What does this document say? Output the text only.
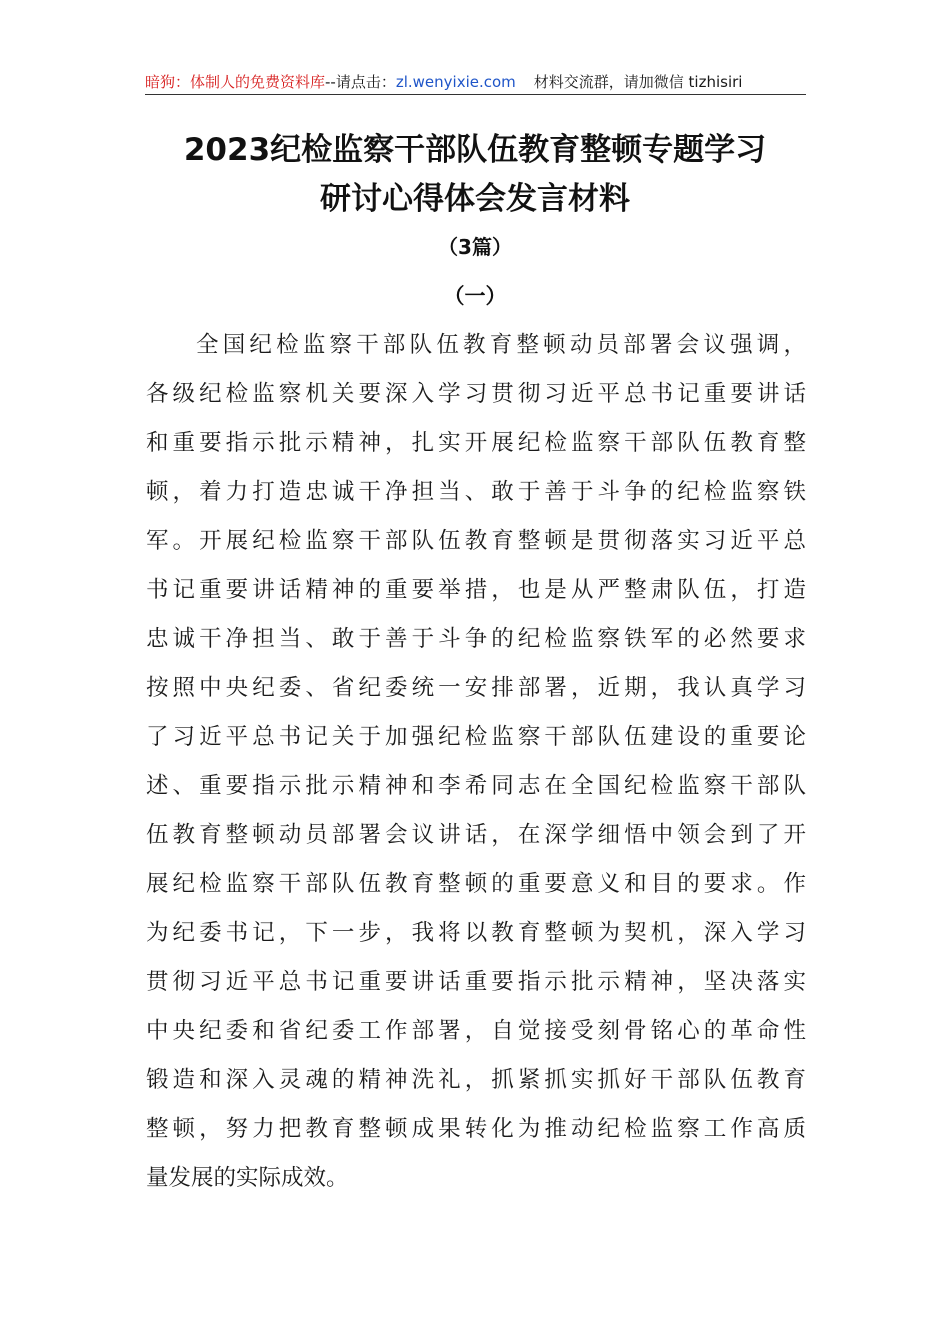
暗狗：体制人的免费资料库--请点击：zl.wenyixie.com 材料交流群，请加微信 tizhisiri
2023纪检监察干部队伍教育整顿专题学习
研讨心得体会发言材料
（3篇）
（一）
全国纪检监察干部队伍教育整顿动员部署会议强调，
各级纪检监察机关要深入学习贯彻习近平总书记重要讲话
和重要指示批示精神，扎实开展纪检监察干部队伍教育整
顿，着力打造忠诚干净担当、敢于善于斗争的纪检监察铁
军。开展纪检监察干部队伍教育整顿是贯彻落实习近平总
书记重要讲话精神的重要举措，也是从严整肃队伍，打造
忠诚干净担当、敢于善于斗争的纪检监察铁军的必然要求
按照中央纪委、省纪委统一安排部署，近期，我认真学习
了习近平总书记关于加强纪检监察干部队伍建设的重要论
述、重要指示批示精神和李希同志在全国纪检监察干部队
伍教育整顿动员部署会议讲话，在深学细悟中领会到了开
展纪检监察干部队伍教育整顿的重要意义和目的要求。作
为纪委书记，下一步，我将以教育整顿为契机，深入学习
贯彻习近平总书记重要讲话重要指示批示精神，坚决落实
中央纪委和省纪委工作部署，自觉接受刻骨铭心的革命性
锻造和深入灵魂的精神洗礼，抓紧抓实抓好干部队伍教育
整顿，努力把教育整顿成果转化为推动纪检监察工作高质
量发展的实际成效。
